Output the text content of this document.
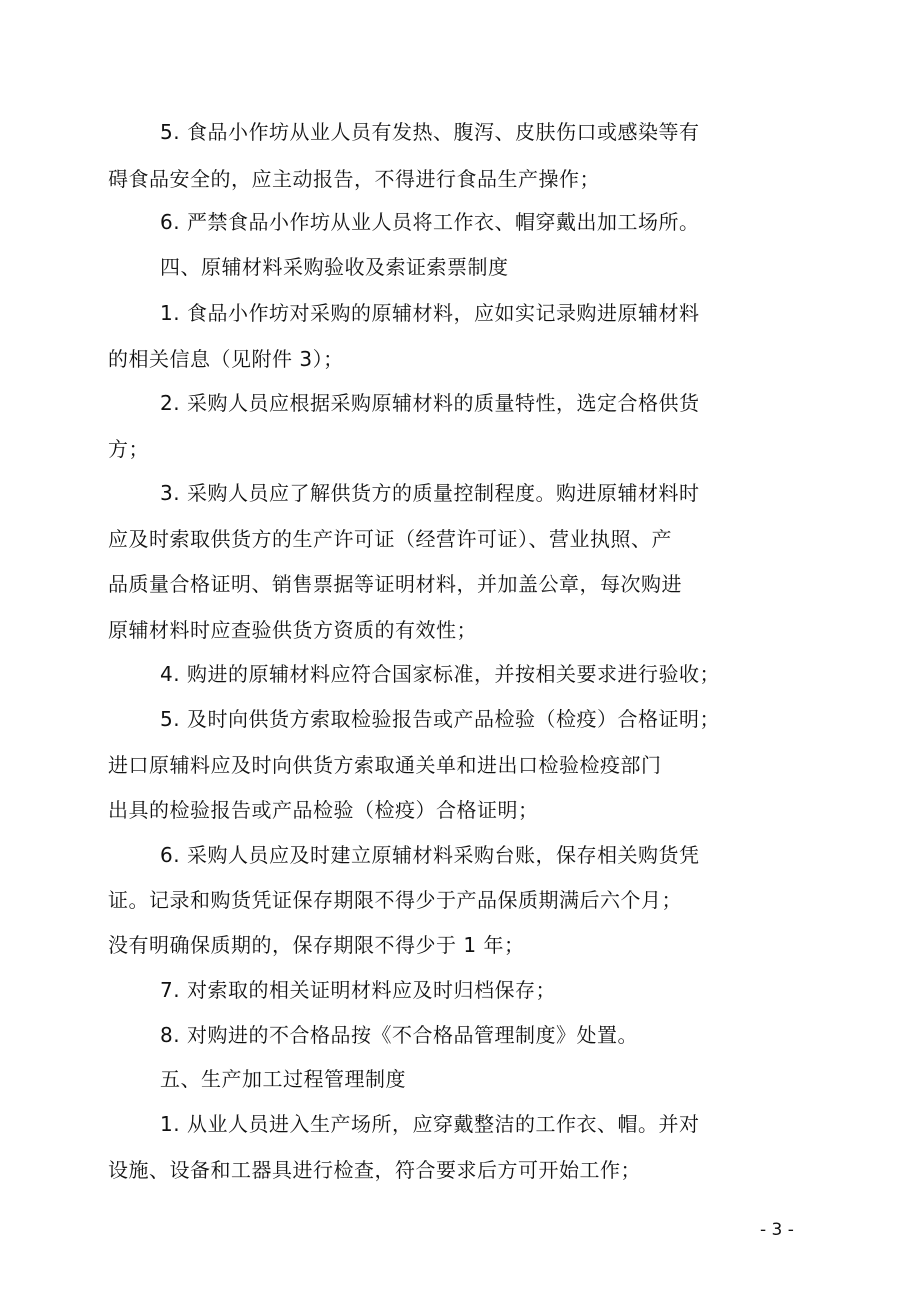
5. 食品小作坊从业人员有发热、腹泻、皮肤伤口或感染等有
碍食品安全的，应主动报告，不得进行食品生产操作；
6. 严禁食品小作坊从业人员将工作衣、帽穿戴出加工场所。
四、原辅材料采购验收及索证索票制度
1. 食品小作坊对采购的原辅材料，应如实记录购进原辅材料
的相关信息（见附件 3）；
2. 采购人员应根据采购原辅材料的质量特性，选定合格供货
方；
3. 采购人员应了解供货方的质量控制程度。购进原辅材料时
应及时索取供货方的生产许可证（经营许可证）、营业执照、产
品质量合格证明、销售票据等证明材料，并加盖公章，每次购进
原辅材料时应查验供货方资质的有效性；
4. 购进的原辅材料应符合国家标准，并按相关要求进行验收；
5. 及时向供货方索取检验报告或产品检验（检疫）合格证明；
进口原辅料应及时向供货方索取通关单和进出口检验检疫部门
出具的检验报告或产品检验（检疫）合格证明；
6. 采购人员应及时建立原辅材料采购台账，保存相关购货凭
证。记录和购货凭证保存期限不得少于产品保质期满后六个月；
没有明确保质期的，保存期限不得少于 1 年；
7. 对索取的相关证明材料应及时归档保存；
8. 对购进的不合格品按《不合格品管理制度》处置。
五、生产加工过程管理制度
1. 从业人员进入生产场所，应穿戴整洁的工作衣、帽。并对
设施、设备和工器具进行检查，符合要求后方可开始工作；
- 3 -
